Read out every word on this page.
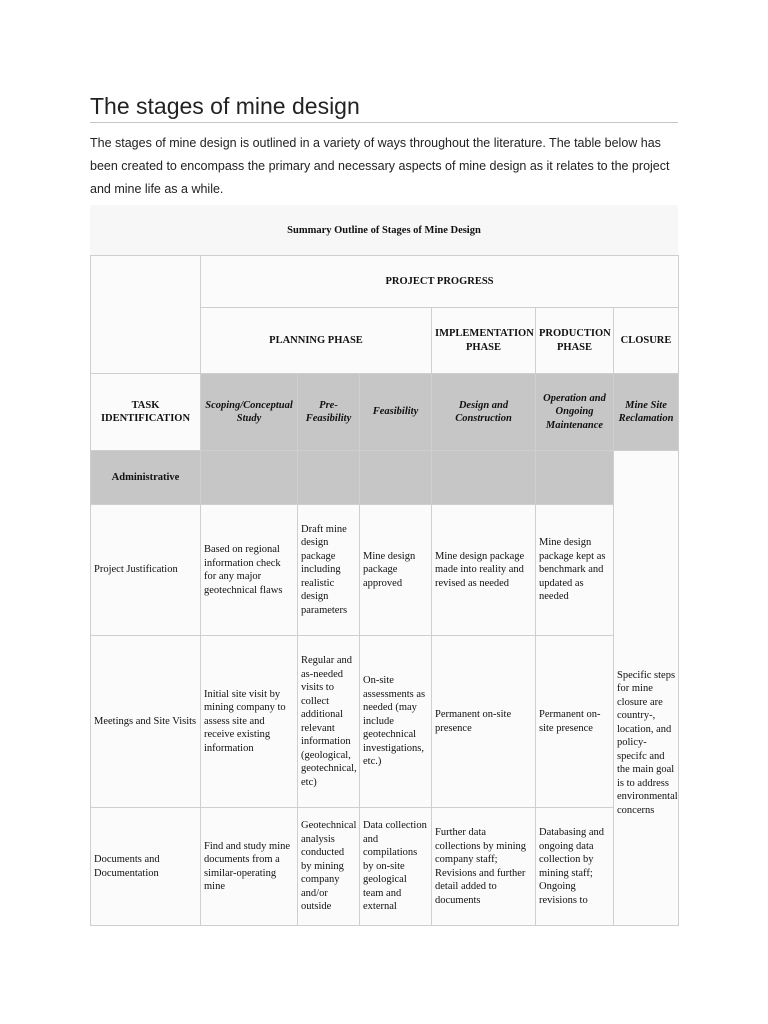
The stages of mine design
The stages of mine design is outlined in a variety of ways throughout the literature. The table below has been created to encompass the primary and necessary aspects of mine design as it relates to the project and mine life as a while.
Summary Outline of Stages of Mine Design
	PROJECT PROGRESS					
	PLANNING PHASE			IMPLEMENTATION PHASE	PRODUCTION PHASE	CLOSURE
TASK IDENTIFICATION	Scoping/Conceptual Study	Pre-Feasibility	Feasibility	Design and Construction	Operation and Ongoing Maintenance	Mine Site Reclamation
Administrative						Specific steps for mine closure are country-, location, and policy-specifc and the main goal is to address environmental concerns
Project Justification	Based on regional information check for any major geotechnical flaws	Draft mine design package including realistic design parameters	Mine design package approved	Mine design package made into reality and revised as needed	Mine design package kept as benchmark and updated as needed	
Meetings and Site Visits	Initial site visit by mining company to assess site and receive existing information	Regular and as-needed visits to collect additional relevant information (geological, geotechnical, etc)	On-site assessments as needed (may include geotechnical investigations, etc.)	Permanent on-site presence	Permanent on-site presence	
Documents and Documentation	Find and study mine documents from a similar-operating mine	Geotechnical analysis conducted by mining company and/or outside	Data collection and compilations by on-site geological team and external	Further data collections by mining company staff; Revisions and further detail added to documents	Databasing and ongoing data collection by mining staff; Ongoing revisions to	
